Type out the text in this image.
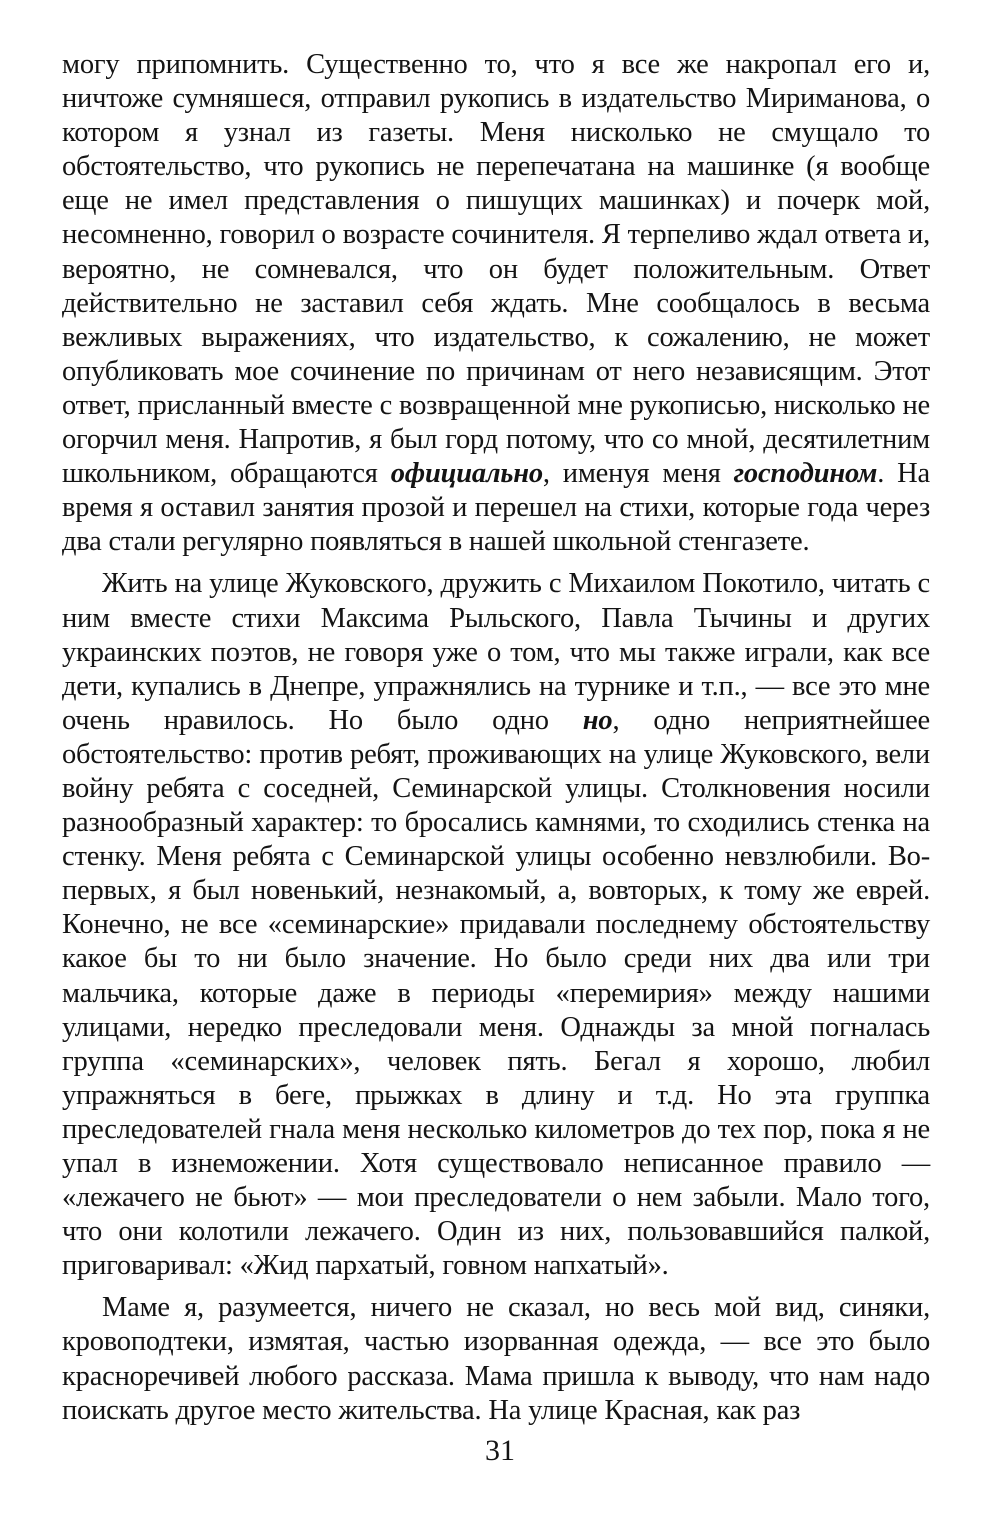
могу припомнить. Существенно то, что я все же накропал его и, ничтоже сумняшеся, отправил рукопись в издательство Мириманова, о котором я узнал из газеты. Меня нисколько не смущало то обстоятельство, что рукопись не перепечатана на машинке (я вообще еще не имел представления о пишущих машинках) и почерк мой, несомненно, говорил о возрасте сочинителя. Я терпеливо ждал ответа и, вероятно, не сомневался, что он будет положительным. Ответ действительно не заставил себя ждать. Мне сообщалось в весьма вежливых выражениях, что издательство, к сожалению, не может опубликовать мое сочинение по причинам от него независящим. Этот ответ, присланный вместе с возвращенной мне рукописью, нисколько не огорчил меня. Напротив, я был горд потому, что со мной, десятилетним школьником, обращаются официально, именуя меня господином. На время я оставил занятия прозой и перешел на стихи, которые года через два стали регулярно появляться в нашей школьной стенгазете.

Жить на улице Жуковского, дружить с Михаилом Покотило, читать с ним вместе стихи Максима Рыльского, Павла Тычины и других украинских поэтов, не говоря уже о том, что мы также играли, как все дети, купались в Днепре, упражнялись на турнике и т.п., — все это мне очень нравилось. Но было одно но, одно неприятнейшее обстоятельство: против ребят, проживающих на улице Жуковского, вели войну ребята с соседней, Семинарской улицы. Столкновения носили разнообразный характер: то бросались камнями, то сходились стенка на стенку. Меня ребята с Семинарской улицы особенно невзлюбили. Во-первых, я был новенький, незнакомый, а, вовторых, к тому же еврей. Конечно, не все «семинарские» придавали последнему обстоятельству какое бы то ни было значение. Но было среди них два или три мальчика, которые даже в периоды «перемирия» между нашими улицами, нередко преследовали меня. Однажды за мной погналась группа «семинарских», человек пять. Бегал я хорошо, любил упражняться в беге, прыжках в длину и т.д. Но эта группка преследователей гнала меня несколько километров до тех пор, пока я не упал в изнеможении. Хотя существовало неписанное правило — «лежачего не бьют» — мои преследователи о нем забыли. Мало того, что они колотили лежачего. Один из них, пользовавшийся палкой, приговаривал: «Жид пархатый, говном напхатый».

Маме я, разумеется, ничего не сказал, но весь мой вид, синяки, кровоподтеки, измятая, частью изорванная одежда, — все это было красноречивей любого рассказа. Мама пришла к выводу, что нам надо поискать другое место жительства. На улице Красная, как раз

31
